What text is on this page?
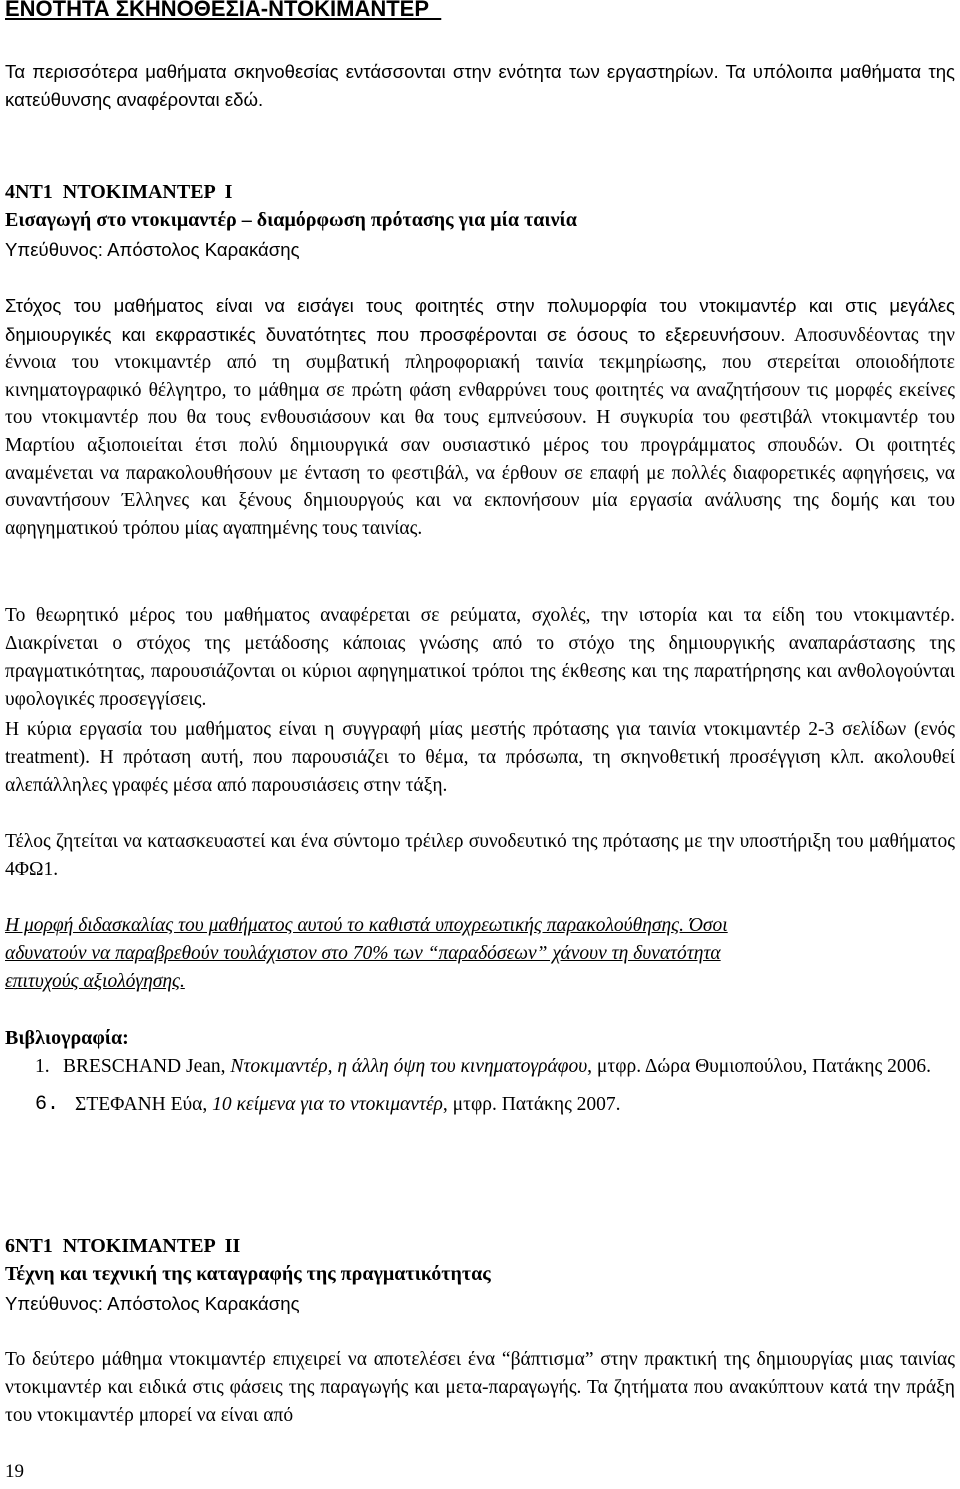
ΕΝΟΤΗΤΑ ΣΚΗΝΟΘΕΣΙΑ-ΝΤΟΚΙΜΑΝΤΕΡ

Τα περισσότερα μαθήματα σκηνοθεσίας εντάσσονται στην ενότητα των εργαστηρίων. Τα υπόλοιπα μαθήματα της κατεύθυνσης αναφέρονται εδώ.

4ΝΤ1  ΝΤΟΚΙΜΑΝΤΕΡ  Ι
Εισαγωγή στο ντοκιμαντέρ – διαμόρφωση πρότασης για μία ταινία
Υπεύθυνος: Απόστολος Καρακάσης

Στόχος του μαθήματος είναι να εισάγει τους φοιτητές στην πολυμορφία του ντοκιμαντέρ και στις μεγάλες δημιουργικές και εκφραστικές δυνατότητες που προσφέρονται σε όσους το εξερευνήσουν. Αποσυνδέοντας την έννοια του ντοκιμαντέρ από τη συμβατική πληροφοριακή ταινία τεκμηρίωσης, που στερείται οποιοδήποτε κινηματογραφικό θέλγητρο, το μάθημα σε πρώτη φάση ενθαρρύνει τους φοιτητές να αναζητήσουν τις μορφές εκείνες του ντοκιμαντέρ που θα τους ενθουσιάσουν και θα τους εμπνεύσουν. Η συγκυρία του φεστιβάλ ντοκιμαντέρ του Μαρτίου αξιοποιείται έτσι πολύ δημιουργικά σαν ουσιαστικό μέρος του προγράμματος σπουδών. Οι φοιτητές αναμένεται να παρακολουθήσουν με ένταση το φεστιβάλ, να έρθουν σε επαφή με πολλές διαφορετικές αφηγήσεις, να συναντήσουν Έλληνες και ξένους δημιουργούς και να εκπονήσουν μία εργασία ανάλυσης της δομής και του αφηγηματικού τρόπου μίας αγαπημένης τους ταινίας.

Το θεωρητικό μέρος του μαθήματος αναφέρεται σε ρεύματα, σχολές, την ιστορία και τα είδη του ντοκιμαντέρ. Διακρίνεται ο στόχος της μετάδοσης κάποιας γνώσης από το στόχο της δημιουργικής αναπαράστασης της πραγματικότητας, παρουσιάζονται οι κύριοι αφηγηματικοί τρόποι της έκθεσης και της παρατήρησης και ανθολογούνται υφολογικές προσεγγίσεις.

Η κύρια εργασία του μαθήματος είναι η συγγραφή μίας μεστής πρότασης για ταινία ντοκιμαντέρ 2-3 σελίδων (ενός treatment). Η πρόταση αυτή, που παρουσιάζει το θέμα, τα πρόσωπα, τη σκηνοθετική προσέγγιση κλπ. ακολουθεί αλεπάλληλες γραφές μέσα από παρουσιάσεις στην τάξη.

Τέλος ζητείται να κατασκευαστεί και ένα σύντομο τρέιλερ συνοδευτικό της πρότασης με την υποστήριξη του μαθήματος 4ΦΩ1.

Η μορφή διδασκαλίας του μαθήματος αυτού το καθιστά υποχρεωτικής παρακολούθησης. Όσοι
αδυνατούν να παραβρεθούν τουλάχιστον στο 70% των “παραδόσεων” χάνουν τη δυνατότητα
επιτυχούς αξιολόγησης.

Βιβλιογραφία:
1. BRESCHAND Jean, Ντοκιμαντέρ, η άλλη όψη του κινηματογράφου, μτφρ. Δώρα Θυμιοπούλου, Πατάκης 2006.
6. ΣΤΕΦΑΝΗ Εύα, 10 κείμενα για το ντοκιμαντέρ, μτφρ. Πατάκης 2007.
6ΝΤ1  ΝΤΟΚΙΜΑΝΤΕΡ  ΙΙ
Τέχνη και τεχνική της καταγραφής της πραγματικότητας
Υπεύθυνος: Απόστολος Καρακάσης

Το δεύτερο μάθημα ντοκιμαντέρ επιχειρεί να αποτελέσει ένα “βάπτισμα” στην πρακτική της δημιουργίας μιας ταινίας ντοκιμαντέρ και ειδικά στις φάσεις της παραγωγής και μετα-παραγωγής. Τα ζητήματα που ανακύπτουν κατά την πράξη του ντοκιμαντέρ μπορεί να είναι από

19
